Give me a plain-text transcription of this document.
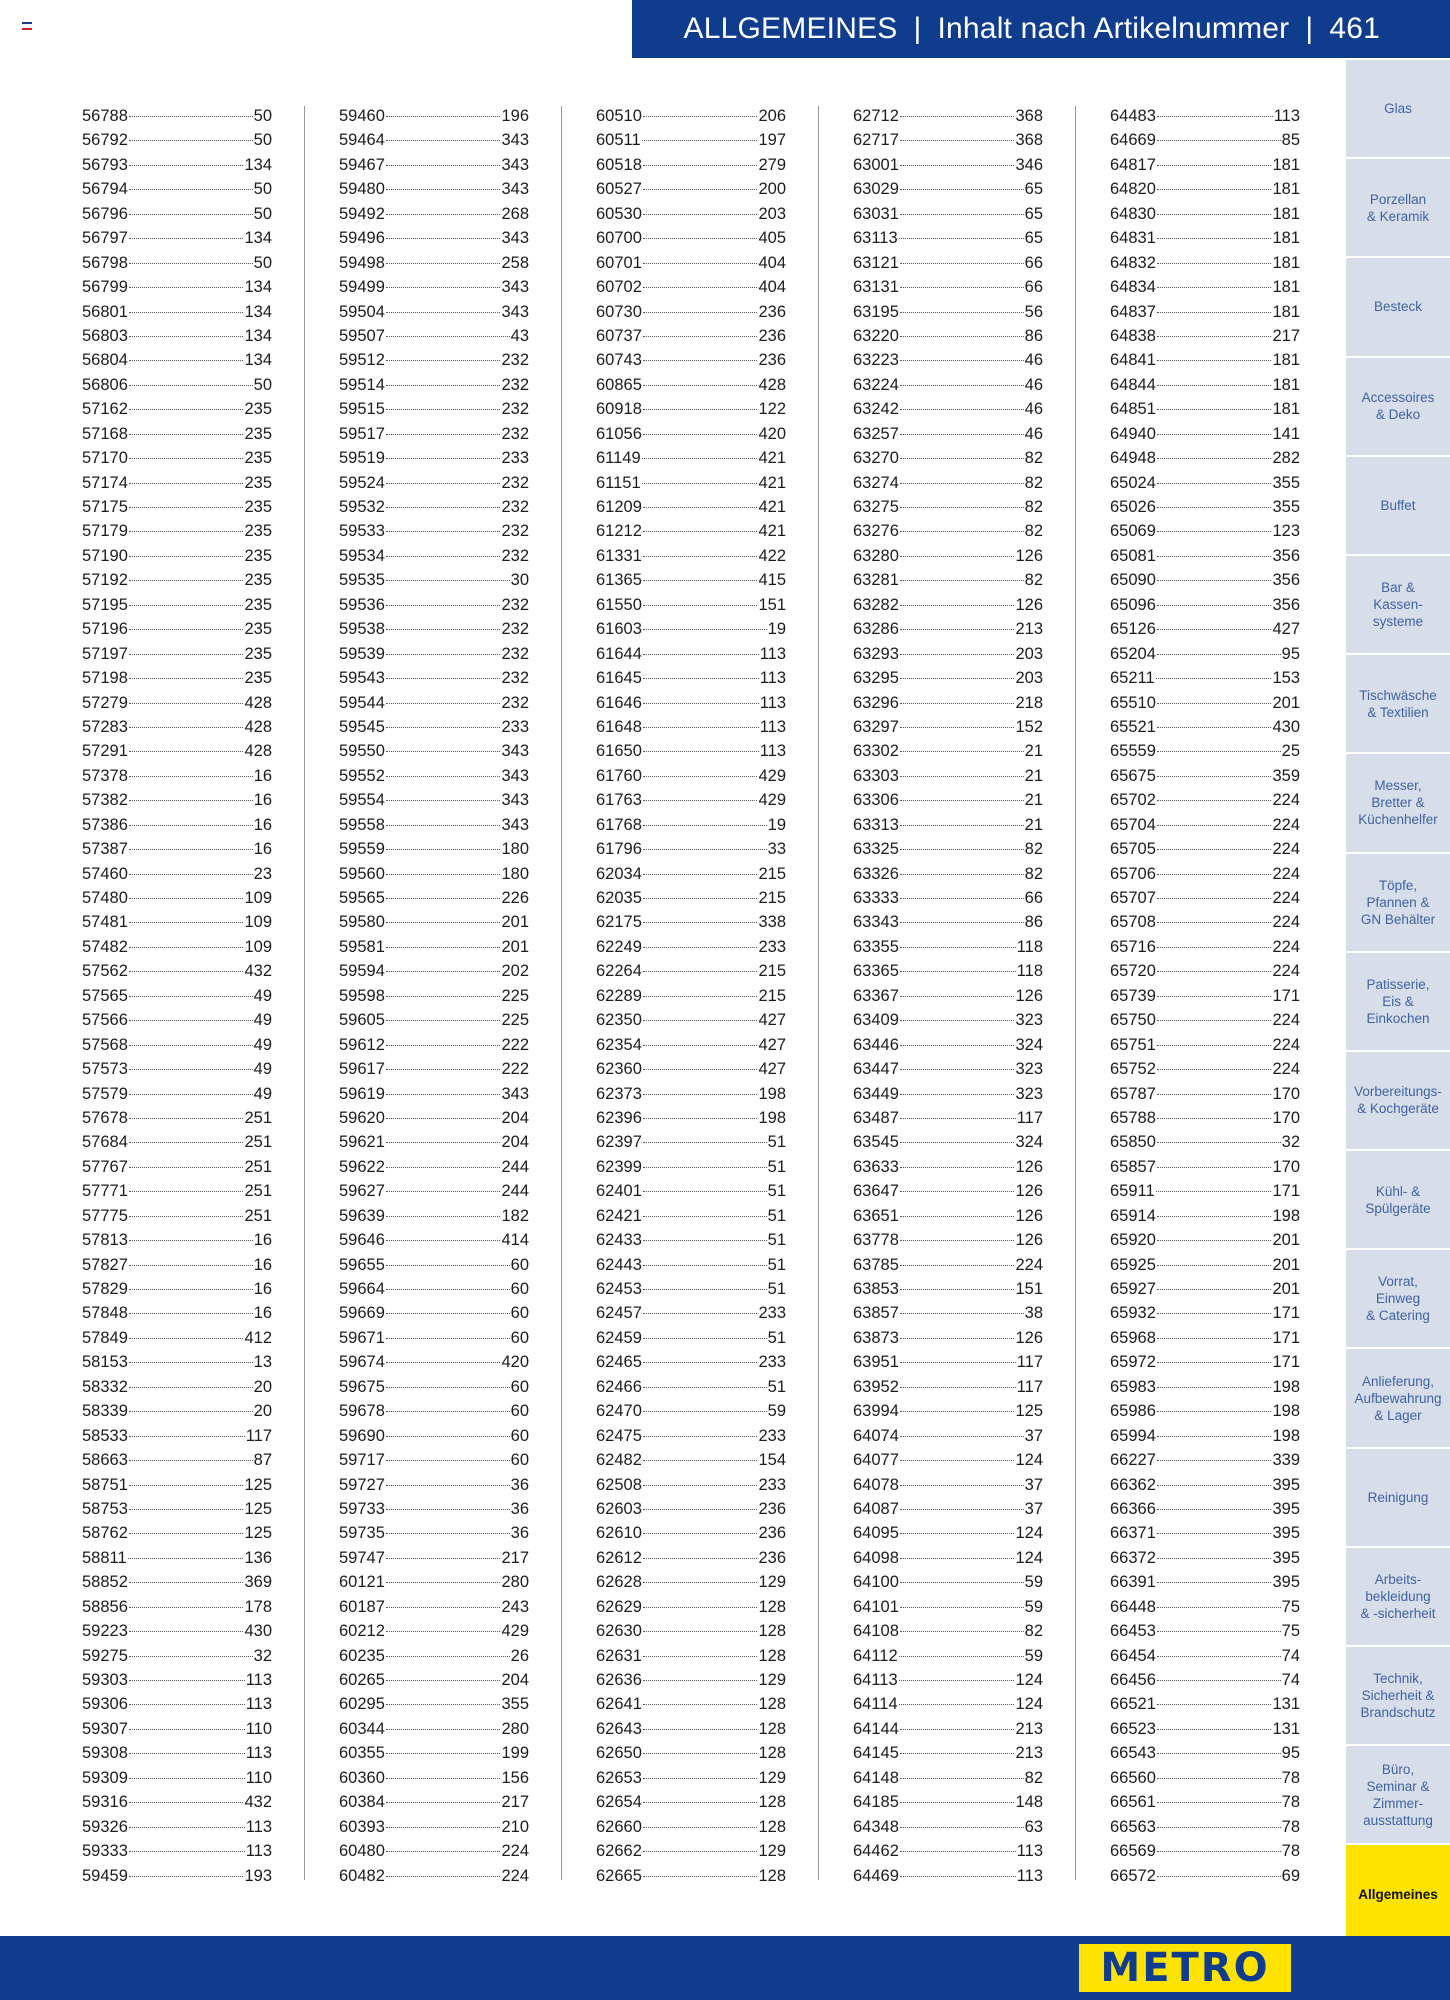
ALLGEMEINES | Inhalt nach Artikelnummer | 461
56788	50
56792	50
56793	134
56794	50
56796	50
56797	134
56798	50
56799	134
56801	134
56803	134
56804	134
56806	50
57162	235
57168	235
57170	235
57174	235
57175	235
57179	235
57190	235
57192	235
57195	235
57196	235
57197	235
57198	235
57279	428
57283	428
57291	428
57378	16
57382	16
57386	16
57387	16
57460	23
57480	109
57481	109
57482	109
57562	432
57565	49
57566	49
57568	49
57573	49
57579	49
57678	251
57684	251
57767	251
57771	251
57775	251
57813	16
57827	16
57829	16
57848	16
57849	412
58153	13
58332	20
58339	20
58533	117
58663	87
58751	125
58753	125
58762	125
58811	136
58852	369
58856	178
59223	430
59275	32
59303	113
59306	113
59307	110
59308	113
59309	110
59316	432
59326	113
59333	113
59459	193
59460	196
59464	343
59467	343
59480	343
59492	268
59496	343
59498	258
59499	343
59504	343
59507	43
59512	232
59514	232
59515	232
59517	232
59519	233
59524	232
59532	232
59533	232
59534	232
59535	30
59536	232
59538	232
59539	232
59543	232
59544	232
59545	233
59550	343
59552	343
59554	343
59558	343
59559	180
59560	180
59565	226
59580	201
59581	201
59594	202
59598	225
59605	225
59612	222
59617	222
59619	343
59620	204
59621	204
59622	244
59627	244
59639	182
59646	414
59655	60
59664	60
59669	60
59671	60
59674	420
59675	60
59678	60
59690	60
59717	60
59727	36
59733	36
59735	36
59747	217
60121	280
60187	243
60212	429
60235	26
60265	204
60295	355
60344	280
60355	199
60360	156
60384	217
60393	210
60480	224
60482	224
60510	206
60511	197
60518	279
60527	200
60530	203
60700	405
60701	404
60702	404
60730	236
60737	236
60743	236
60865	428
60918	122
61056	420
61149	421
61151	421
61209	421
61212	421
61331	422
61365	415
61550	151
61603	19
61644	113
61645	113
61646	113
61648	113
61650	113
61760	429
61763	429
61768	19
61796	33
62034	215
62035	215
62175	338
62249	233
62264	215
62289	215
62350	427
62354	427
62360	427
62373	198
62396	198
62397	51
62399	51
62401	51
62421	51
62433	51
62443	51
62453	51
62457	233
62459	51
62465	233
62466	51
62470	59
62475	233
62482	154
62508	233
62603	236
62610	236
62612	236
62628	129
62629	128
62630	128
62631	128
62636	129
62641	128
62643	128
62650	128
62653	129
62654	128
62660	128
62662	129
62665	128
62712	368
62717	368
63001	346
63029	65
63031	65
63113	65
63121	66
63131	66
63195	56
63220	86
63223	46
63224	46
63242	46
63257	46
63270	82
63274	82
63275	82
63276	82
63280	126
63281	82
63282	126
63286	213
63293	203
63295	203
63296	218
63297	152
63302	21
63303	21
63306	21
63313	21
63325	82
63326	82
63333	66
63343	86
63355	118
63365	118
63367	126
63409	323
63446	324
63447	323
63449	323
63487	117
63545	324
63633	126
63647	126
63651	126
63778	126
63785	224
63853	151
63857	38
63873	126
63951	117
63952	117
63994	125
64074	37
64077	124
64078	37
64087	37
64095	124
64098	124
64100	59
64101	59
64108	82
64112	59
64113	124
64114	124
64144	213
64145	213
64148	82
64185	148
64348	63
64462	113
64469	113
64483	113
64669	85
64817	181
64820	181
64830	181
64831	181
64832	181
64834	181
64837	181
64838	217
64841	181
64844	181
64851	181
64940	141
64948	282
65024	355
65026	355
65069	123
65081	356
65090	356
65096	356
65126	427
65204	95
65211	153
65510	201
65521	430
65559	25
65675	359
65702	224
65704	224
65705	224
65706	224
65707	224
65708	224
65716	224
65720	224
65739	171
65750	224
65751	224
65752	224
65787	170
65788	170
65850	32
65857	170
65911	171
65914	198
65920	201
65925	201
65927	201
65932	171
65968	171
65972	171
65983	198
65986	198
65994	198
66227	339
66362	395
66366	395
66371	395
66372	395
66391	395
66448	75
66453	75
66454	74
66456	74
66521	131
66523	131
66543	95
66560	78
66561	78
66563	78
66569	78
66572	69
Glas
Porzellan
& Keramik
Besteck
Accessoires
& Deko
Buffet
Bar &
Kassen-
systeme
Tischwäsche
& Textilien
Messer,
Bretter &
Küchenhelfer
Töpfe,
Pfannen &
GN Behälter
Patisserie,
Eis &
Einkochen
Vorbereitungs-
& Kochgeräte
Kühl- &
Spülgeräte
Vorrat,
Einweg
& Catering
Anlieferung,
Aufbewahrung
& Lager
Reinigung
Arbeits-
bekleidung
& -sicherheit
Technik,
Sicherheit &
Brandschutz
Büro,
Seminar &
Zimmer-
ausstattung
Allgemeines
METRO
